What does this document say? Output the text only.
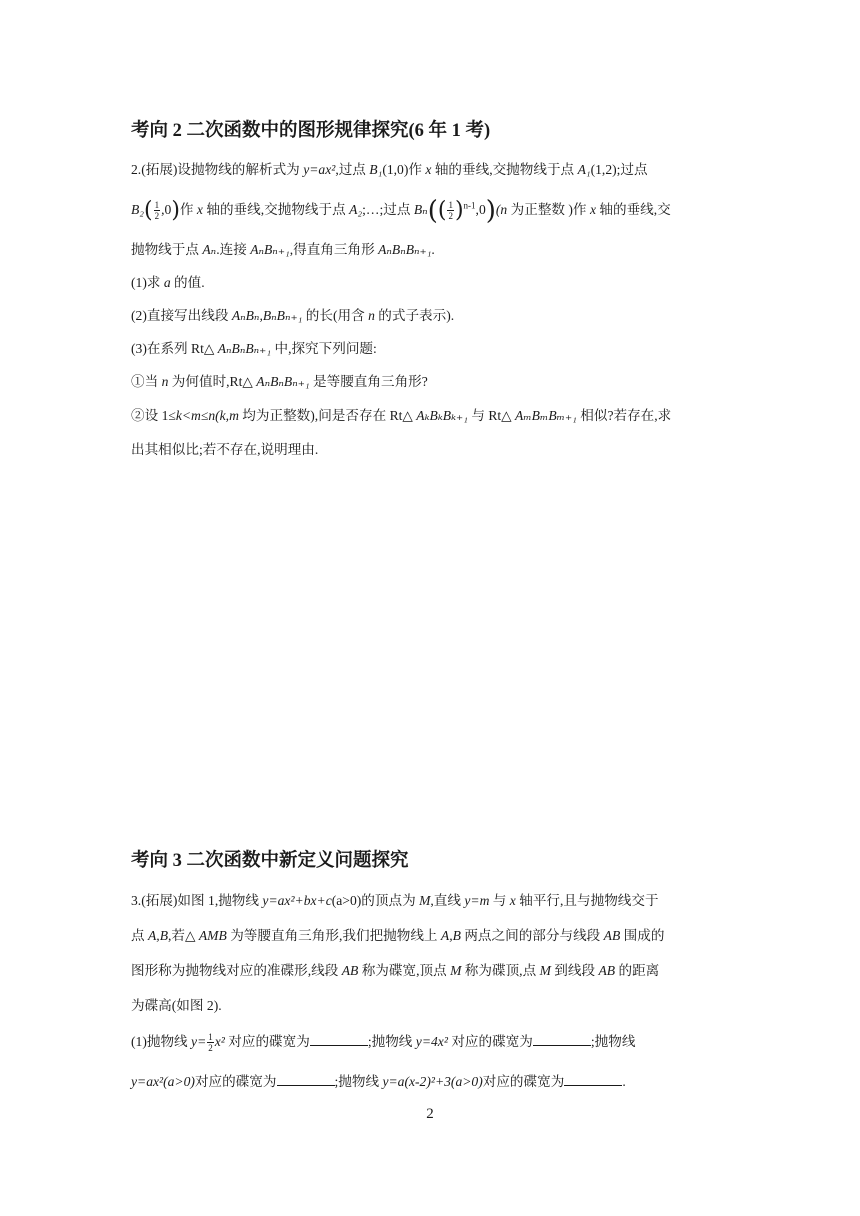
考向 2 二次函数中的图形规律探究(6 年 1 考)
2.(拓展)设抛物线的解析式为 y=ax²,过点 B₁(1,0)作 x 轴的垂线,交抛物线于点 A₁(1,2);过点
$B_2( \frac{1}{2} ,0)$作 x 轴的垂线,交抛物线于点 A₂;…;过点 $B_n(( \frac{1}{2} )^{n-1},0)(n$ 为正整数 )作 x 轴的垂线,交
抛物线于点 Aₙ.连接 AₙBₙ₊₁,得直角三角形 AₙBₙBₙ₊₁.
(1)求 a 的值.
(2)直接写出线段 AₙBₙ,BₙBₙ₊₁ 的长(用含 n 的式子表示).
(3)在系列 Rt△ AₙBₙBₙ₊₁ 中,探究下列问题:
①当 n 为何值时,Rt△ AₙBₙBₙ₊₁ 是等腰直角三角形?
②设 1≤k<m≤n(k,m 均为正整数),问是否存在 Rt△ AₖBₖBₖ₊₁ 与 Rt△ AₘBₘBₘ₊₁ 相似?若存在,求
出其相似比;若不存在,说明理由.
考向 3 二次函数中新定义问题探究
3.(拓展)如图 1,抛物线 y=ax²+bx+c(a>0)的顶点为 M,直线 y=m 与 x 轴平行,且与抛物线交于
点 A,B,若△ AMB 为等腰直角三角形,我们把抛物线上 A,B 两点之间的部分与线段 AB 围成的
图形称为抛物线对应的准碟形,线段 AB 称为碟宽,顶点 M 称为碟顶,点 M 到线段 AB 的距离
为碟高(如图 2).
(1)抛物线 $y= \frac{1}{2} x^2$ 对应的碟宽为	;抛物线 y=4x² 对应的碟宽为	;抛物线
y=ax²(a>0)对应的碟宽为	;抛物线 y=a(x-2)²+3(a>0)对应的碟宽为	.
2
